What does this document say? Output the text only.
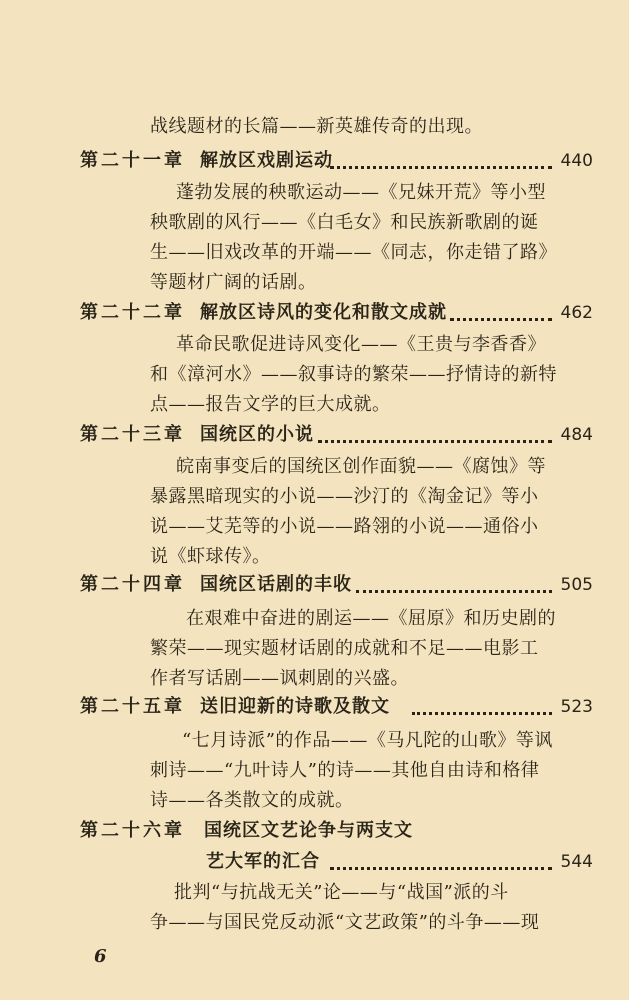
战线题材的长篇——新英雄传奇的出现。
第二十一章 解放区戏剧运动	440
蓬勃发展的秧歌运动——《兄妹开荒》等小型
秧歌剧的风行——《白毛女》和民族新歌剧的诞
生——旧戏改革的开端——《同志，你走错了路》
等题材广阔的话剧。
第二十二章 解放区诗风的变化和散文成就	462
革命民歌促进诗风变化——《王贵与李香香》
和《漳河水》——叙事诗的繁荣——抒情诗的新特
点——报告文学的巨大成就。
第二十三章 国统区的小说	484
皖南事变后的国统区创作面貌——《腐蚀》等
暴露黑暗现实的小说——沙汀的《淘金记》等小
说——艾芜等的小说——路翎的小说——通俗小
说《虾球传》。
第二十四章 国统区话剧的丰收	505
在艰难中奋进的剧运——《屈原》和历史剧的
繁荣——现实题材话剧的成就和不足——电影工
作者写话剧——讽刺剧的兴盛。
第二十五章 送旧迎新的诗歌及散文	523
“七月诗派”的作品——《马凡陀的山歌》等讽
刺诗——“九叶诗人”的诗——其他自由诗和格律
诗——各类散文的成就。
第二十六章 国统区文艺论争与两支文
艺大军的汇合	544
批判“与抗战无关”论——与“战国”派的斗
争——与国民党反动派“文艺政策”的斗争——现
6
